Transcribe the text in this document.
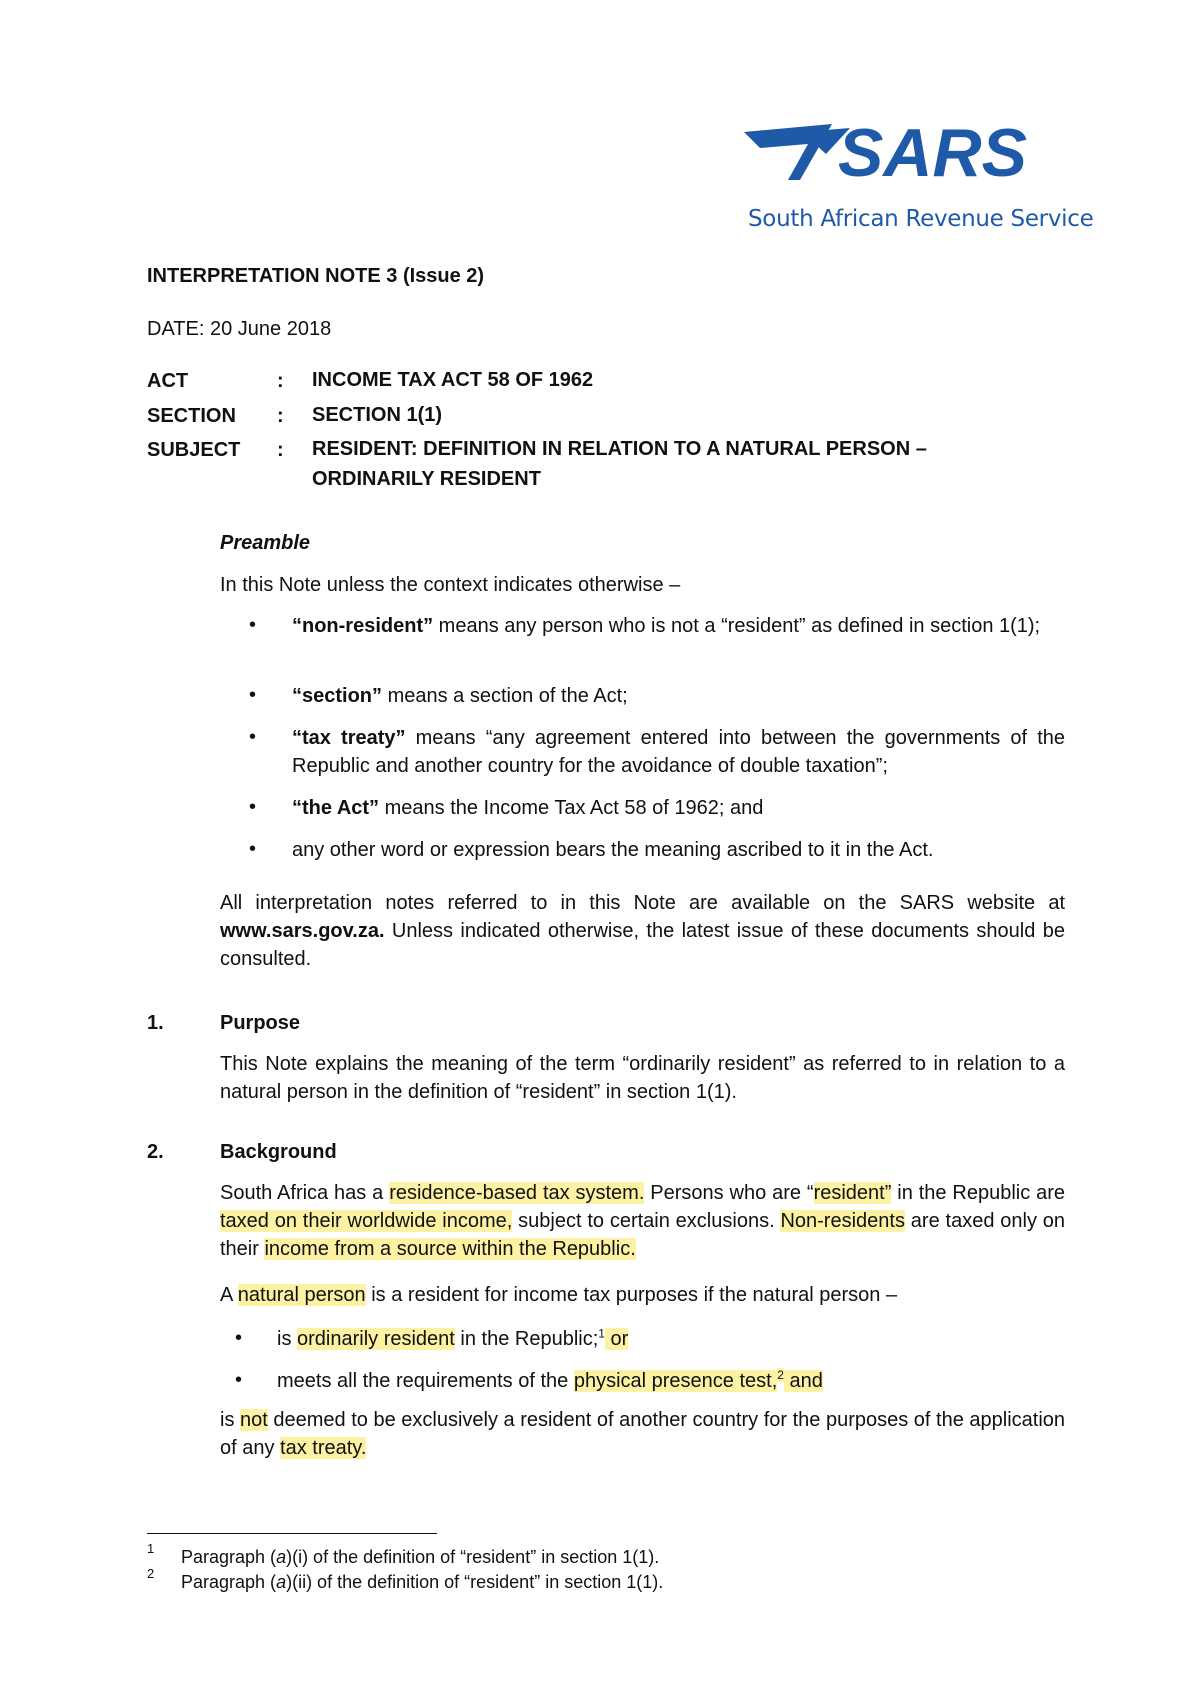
SARS
South African Revenue Service
INTERPRETATION NOTE 3 (Issue 2)
DATE: 20 June 2018
ACT	: INCOME TAX ACT 58 OF 1962
SECTION : SECTION 1(1)
SUBJECT : RESIDENT: DEFINITION IN RELATION TO A NATURAL PERSON – ORDINARILY RESIDENT
Preamble
In this Note unless the context indicates otherwise –
• “non-resident” means any person who is not a “resident” as defined in section 1(1);
• “section” means a section of the Act;
• “tax treaty” means “any agreement entered into between the governments of the Republic and another country for the avoidance of double taxation”;
• “the Act” means the Income Tax Act 58 of 1962; and
• any other word or expression bears the meaning ascribed to it in the Act.
All interpretation notes referred to in this Note are available on the SARS website at www.sars.gov.za. Unless indicated otherwise, the latest issue of these documents should be consulted.
1.	Purpose
This Note explains the meaning of the term “ordinarily resident” as referred to in relation to a natural person in the definition of “resident” in section 1(1).
2.	Background
South Africa has a residence-based tax system. Persons who are “resident” in the Republic are taxed on their worldwide income, subject to certain exclusions. Non-residents are taxed only on their income from a source within the Republic.
A natural person is a resident for income tax purposes if the natural person –
• is ordinarily resident in the Republic;$^1$ or
• meets all the requirements of the physical presence test,$^2$ and
is not deemed to be exclusively a resident of another country for the purposes of the application of any tax treaty.
1 Paragraph (a)(i) of the definition of “resident” in section 1(1).
2 Paragraph (a)(ii) of the definition of “resident” in section 1(1).
